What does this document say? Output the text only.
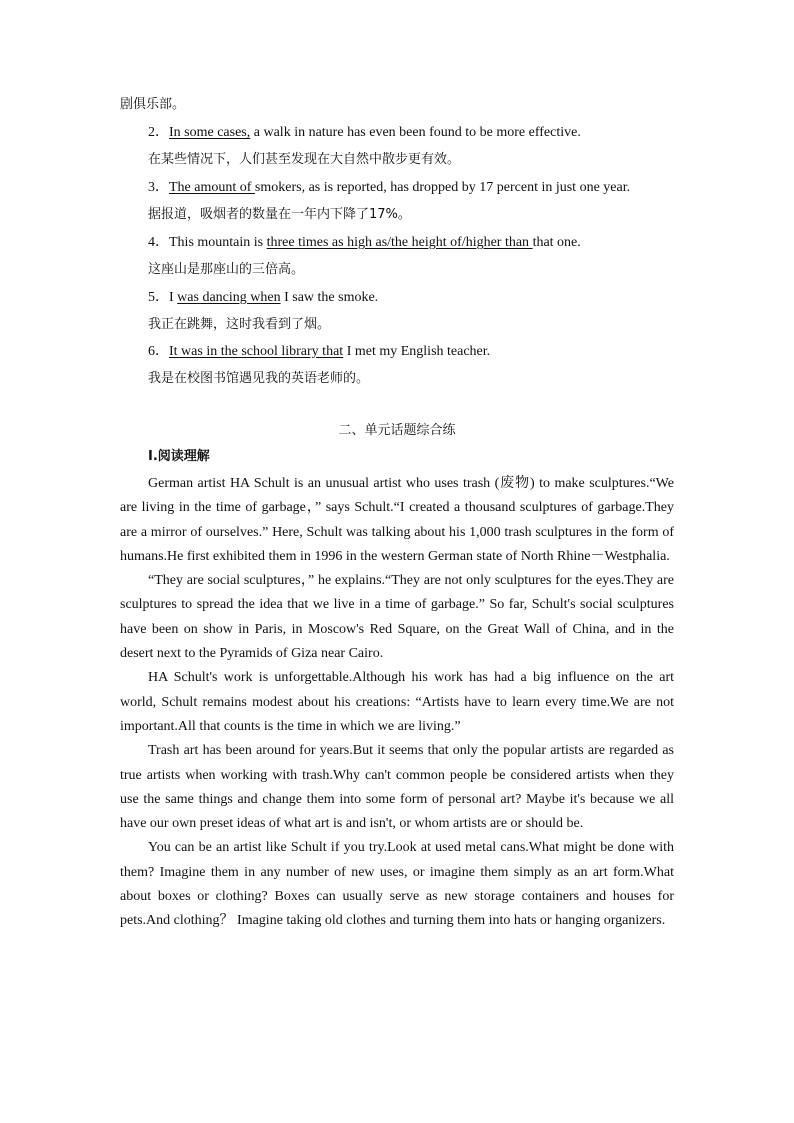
剧俱乐部。
2．In some cases, a walk in nature has even been found to be more effective.
在某些情况下，人们甚至发现在大自然中散步更有效。
3．The amount of smokers, as is reported, has dropped by 17 percent in just one year.
据报道，吸烟者的数量在一年内下降了17%。
4．This mountain is three times as high as/the height of/higher than that one.
这座山是那座山的三倍高。
5．I was dancing when I saw the smoke.
我正在跳舞，这时我看到了烟。
6．It was in the school library that I met my English teacher.
我是在校图书馆遇见我的英语老师的。
二、单元话题综合练
Ⅰ.阅读理解

German artist HA Schult is an unusual artist who uses trash (废物) to make sculptures.“We are living in the time of garbage，” says Schult.“I created a thousand sculptures of garbage.They are a mirror of ourselves.” Here, Schult was talking about his 1,000 trash sculptures in the form of humans.He first exhibited them in 1996 in the western German state of North Rhine－Westphalia.

“They are social sculptures，” he explains.“They are not only sculptures for the eyes.They are sculptures to spread the idea that we live in a time of garbage.” So far, Schult's social sculptures have been on show in Paris, in Moscow's Red Square, on the Great Wall of China, and in the desert next to the Pyramids of Giza near Cairo.

HA Schult's work is unforgettable.Although his work has had a big influence on the art world, Schult remains modest about his creations: “Artists have to learn every time.We are not important.All that counts is the time in which we are living.”

Trash art has been around for years.But it seems that only the popular artists are regarded as true artists when working with trash.Why can't common people be considered artists when they use the same things and change them into some form of personal art? Maybe it's because we all have our own preset ideas of what art is and isn't, or whom artists are or should be.

You can be an artist like Schult if you try.Look at used metal cans.What might be done with them? Imagine them in any number of new uses, or imagine them simply as an art form.What about boxes or clothing? Boxes can usually serve as new storage containers and houses for pets.And clothing？ Imagine taking old clothes and turning them into hats or hanging organizers.
